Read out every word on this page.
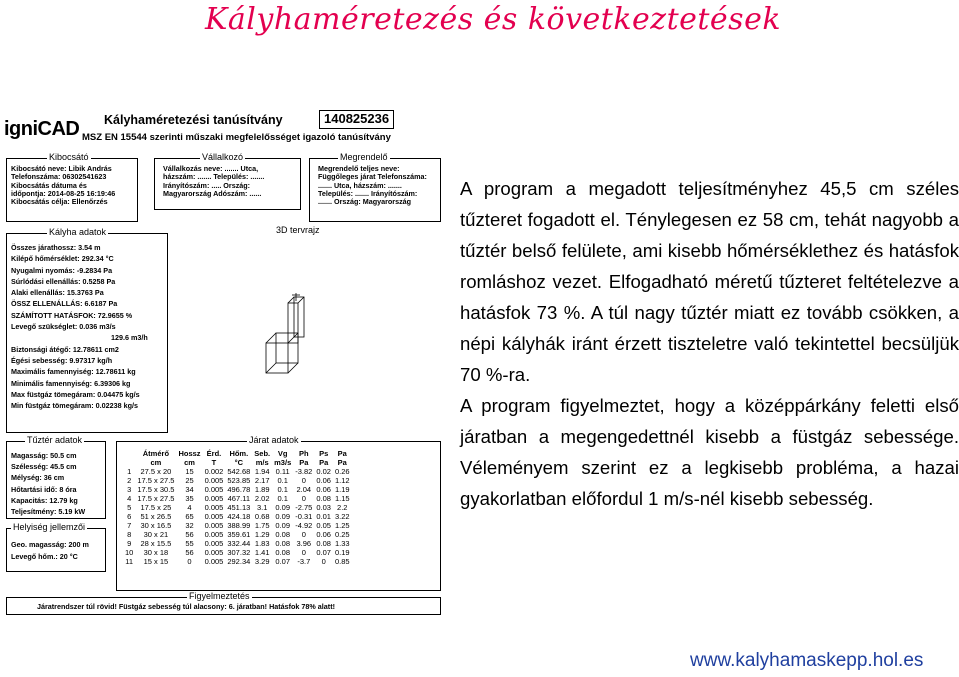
Kályhaméretezés és következtetések
igniCAD Kályhaméretezési tanúsítvány	140825236
MSZ EN 15544 szerinti műszaki megfelelősséget igazoló tanúsítvány
Kibocsátó
Kibocsátó neve: Libik András
Telefonszáma: 06302541623
Kibocsátás dátuma és
időpontja: 2014-08-25 16:19:46
Kibocsátás célja: Ellenőrzés
Vállalkozó
Vállalkozás neve: ....... Utca,
házszám: ....... Település: .......
Irányítószám: ..... Ország:
Magyarország Adószám: ......
Megrendelő
Megrendelő teljes neve:
Függőleges járat Telefonszáma:
....... Utca, házszám: .......
Település: ....... Irányítószám:
....... Ország: Magyarország
Kályha adatok
Összes járathossz: 3.54 m
Kilépő hőmérséklet: 292.34 °C
Nyugalmi nyomás: -9.2834 Pa
Súrlódási ellenállás: 0.5258 Pa
Alaki ellenállás: 15.3763 Pa
ÖSSZ ELLENÁLLÁS: 6.6187 Pa
SZÁMÍTOTT HATÁSFOK: 72.9655 %
Levegő szükséglet: 0.036 m3/s
129.6 m3/h
Biztonsági átégő: 12.78611 cm2
Égési sebesség: 9.97317 kg/h
Maximális famennyiség: 12.78611 kg
Minimális famennyiség: 6.39306 kg
Max füstgáz tömegáram: 0.04475 kg/s
Min füstgáz tömegáram: 0.02238 kg/s
3D tervrajz
Tűztér adatok
Magasság: 50.5 cm
Szélesség: 45.5 cm
Mélység: 36 cm
Hőtartási idő: 8 óra
Kapacitás: 12.79 kg
Teljesítmény: 5.19 kW
Helyiség jellemzői
Geo. magasság: 200 m
Levegő hőm.: 20 °C
Járat adatok
	Átmérő	Hossz	Érd.	Hőm.	Seb.	Vg	Ph	Ps	Pa
	cm	cm	T	°C	m/s	m3/s	Pa	Pa	Pa
1	27.5 x 20	15	0.002	542.68	1.94	0.11	-3.82	0.02	0.26
2	17.5 x 27.5	25	0.005	523.85	2.17	0.1	0	0.06	1.12
3	17.5 x 30.5	34	0.005	496.78	1.89	0.1	2.04	0.06	1.19
4	17.5 x 27.5	35	0.005	467.11	2.02	0.1	0	0.08	1.15
5	17.5 x 25	4	0.005	451.13	3.1	0.09	-2.75	0.03	2.2
6	51 x 26.5	65	0.005	424.18	0.68	0.09	-0.31	0.01	3.22
7	30 x 16.5	32	0.005	388.99	1.75	0.09	-4.92	0.05	1.25
8	30 x 21	56	0.005	359.61	1.29	0.08	0	0.06	0.25
9	28 x 15.5	55	0.005	332.44	1.83	0.08	3.96	0.08	1.33
10	30 x 18	56	0.005	307.32	1.41	0.08	0	0.07	0.19
11	15 x 15	0	0.005	292.34	3.29	0.07	-3.7	0	0.85
Figyelmeztetés
Járatrendszer túl rövid! Füstgáz sebesség túl alacsony: 6. járatban! Hatásfok 78% alatt!

A program a megadott teljesítményhez 45,5 cm széles tűzteret fogadott el. Ténylegesen ez 58 cm, tehát nagyobb a tűztér belső felülete, ami kisebb hőmérséklethez és hatásfok romláshoz vezet. Elfogadható méretű tűzteret feltételezve a hatásfok 73 %. A túl nagy tűztér miatt ez tovább csökken, a népi kályhák iránt érzett tiszteletre való tekintettel becsüljük 70 %-ra.

A program figyelmeztet, hogy a középpárkány feletti első járatban a megengedettnél kisebb a füstgáz sebessége. Véleményem szerint ez a legkisebb probléma, a hazai gyakorlatban előfordul 1 m/s-nél kisebb sebesség.

www.kalyhamaskepp.hol.es
